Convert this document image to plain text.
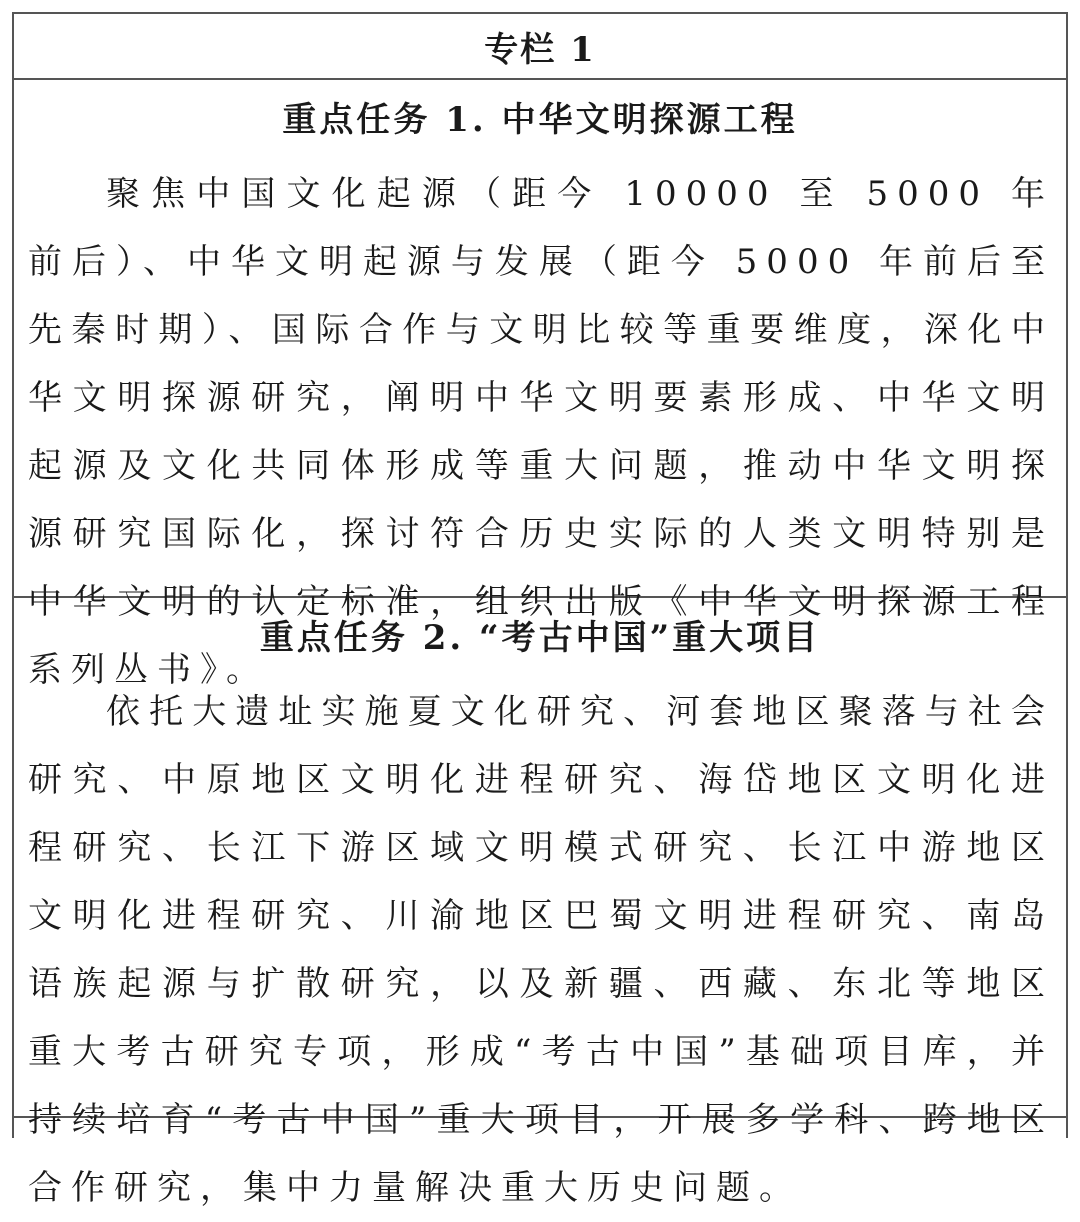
专栏 1
重点任务 1. 中华文明探源工程

聚焦中国文化起源（距今 10000 至 5000 年前后）、中华文明起源与发展（距今 5000 年前后至先秦时期）、国际合作与文明比较等重要维度，深化中华文明探源研究，阐明中华文明要素形成、中华文明起源及文化共同体形成等重大问题，推动中华文明探源研究国际化，探讨符合历史实际的人类文明特别是中华文明的认定标准，组织出版《中华文明探源工程系列丛书》。

重点任务 2. “考古中国”重大项目

依托大遗址实施夏文化研究、河套地区聚落与社会研究、中原地区文明化进程研究、海岱地区文明化进程研究、长江下游区域文明模式研究、长江中游地区文明化进程研究、川渝地区巴蜀文明进程研究、南岛语族起源与扩散研究，以及新疆、西藏、东北等地区重大考古研究专项，形成“考古中国”基础项目库，并持续培育“考古中国”重大项目，开展多学科、跨地区合作研究，集中力量解决重大历史问题。
